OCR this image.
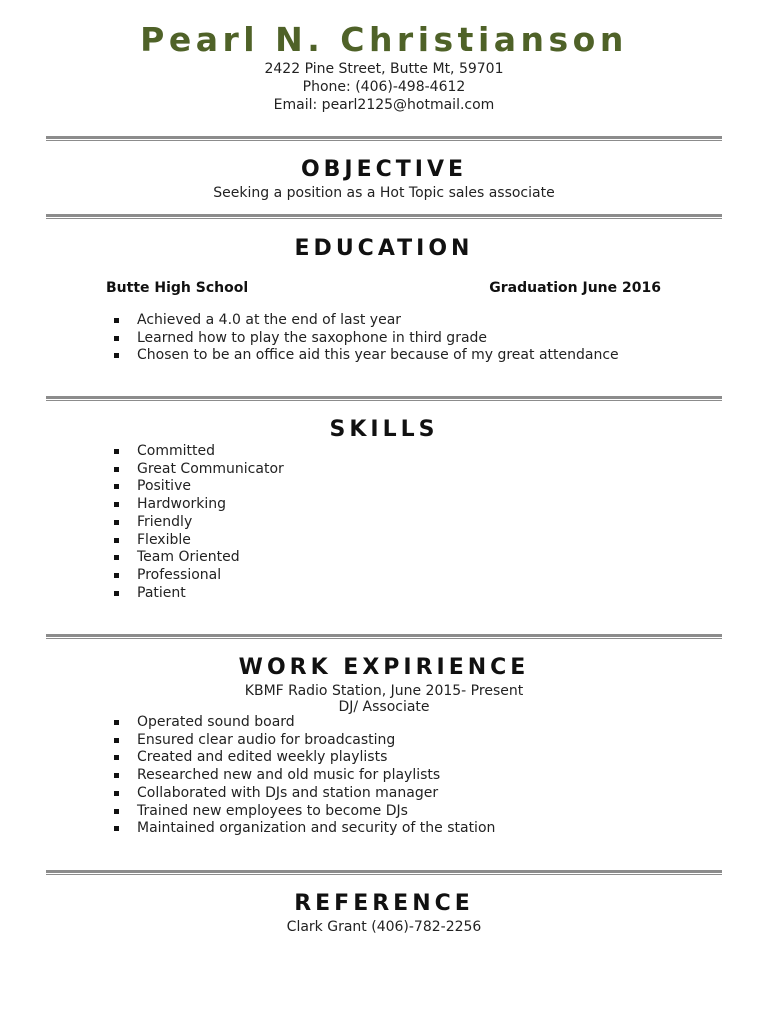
Pearl N. Christianson
2422 Pine Street, Butte Mt, 59701
Phone: (406)-498-4612
Email: pearl2125@hotmail.com
OBJECTIVE
Seeking a position as a Hot Topic sales associate
EDUCATION
Butte High School	Graduation June 2016
Achieved a 4.0 at the end of last year
Learned how to play the saxophone in third grade
Chosen to be an office aid this year because of my great attendance
SKILLS
Committed
Great Communicator
Positive
Hardworking
Friendly
Flexible
Team Oriented
Professional
Patient
WORK EXPIRIENCE
KBMF Radio Station, June 2015- Present
DJ/ Associate
Operated sound board
Ensured clear audio for broadcasting
Created and edited weekly playlists
Researched new and old music for playlists
Collaborated with DJs and station manager
Trained new employees to become DJs
Maintained organization and security of the station
REFERENCE
Clark Grant (406)-782-2256
